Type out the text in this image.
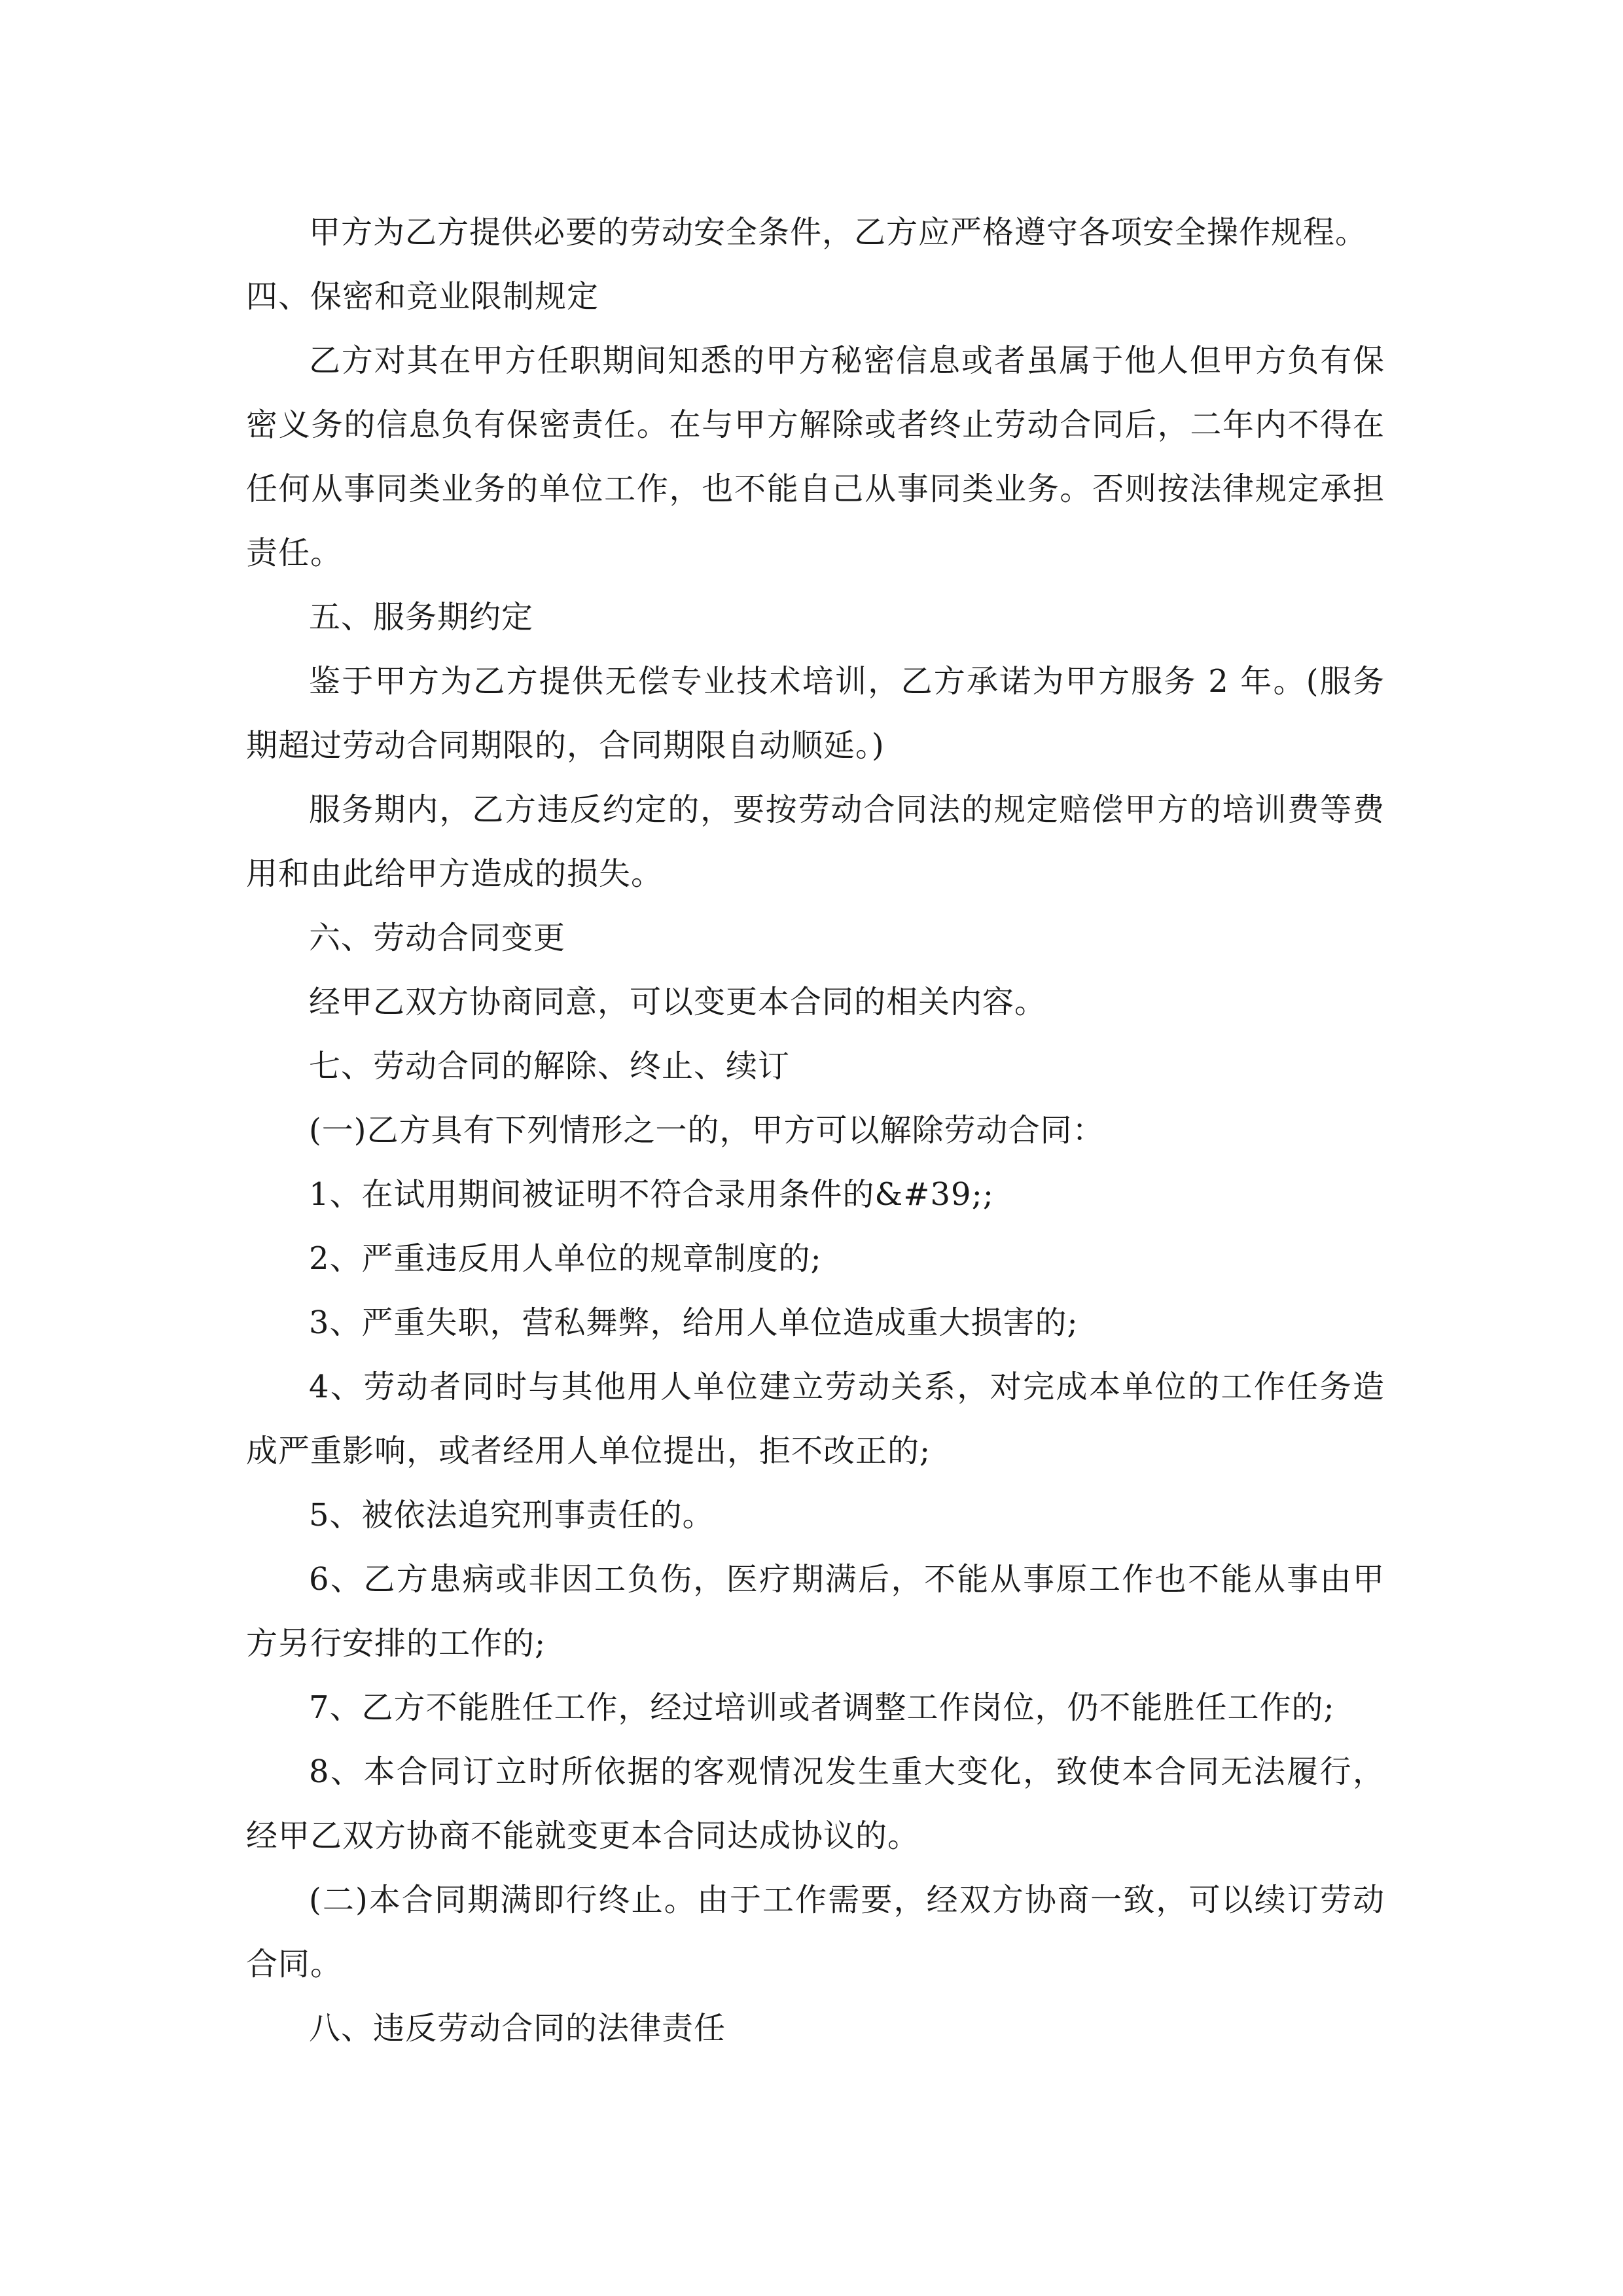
甲方为乙方提供必要的劳动安全条件，乙方应严格遵守各项安全操作规程。

四、保密和竞业限制规定

乙方对其在甲方任职期间知悉的甲方秘密信息或者虽属于他人但甲方负有保密义务的信息负有保密责任。在与甲方解除或者终止劳动合同后，二年内不得在任何从事同类业务的单位工作，也不能自己从事同类业务。否则按法律规定承担责任。

五、服务期约定

鉴于甲方为乙方提供无偿专业技术培训，乙方承诺为甲方服务 2 年。(服务期超过劳动合同期限的，合同期限自动顺延。)

服务期内，乙方违反约定的，要按劳动合同法的规定赔偿甲方的培训费等费用和由此给甲方造成的损失。

六、劳动合同变更

经甲乙双方协商同意，可以变更本合同的相关内容。

七、劳动合同的解除、终止、续订

(一)乙方具有下列情形之一的，甲方可以解除劳动合同：

1、在试用期间被证明不符合录用条件的&#39;;

2、严重违反用人单位的规章制度的;

3、严重失职，营私舞弊，给用人单位造成重大损害的;

4、劳动者同时与其他用人单位建立劳动关系，对完成本单位的工作任务造成严重影响，或者经用人单位提出，拒不改正的;

5、被依法追究刑事责任的。

6、乙方患病或非因工负伤，医疗期满后，不能从事原工作也不能从事由甲方另行安排的工作的;

7、乙方不能胜任工作，经过培训或者调整工作岗位，仍不能胜任工作的;

8、本合同订立时所依据的客观情况发生重大变化，致使本合同无法履行，经甲乙双方协商不能就变更本合同达成协议的。

(二)本合同期满即行终止。由于工作需要，经双方协商一致，可以续订劳动合同。

八、违反劳动合同的法律责任
